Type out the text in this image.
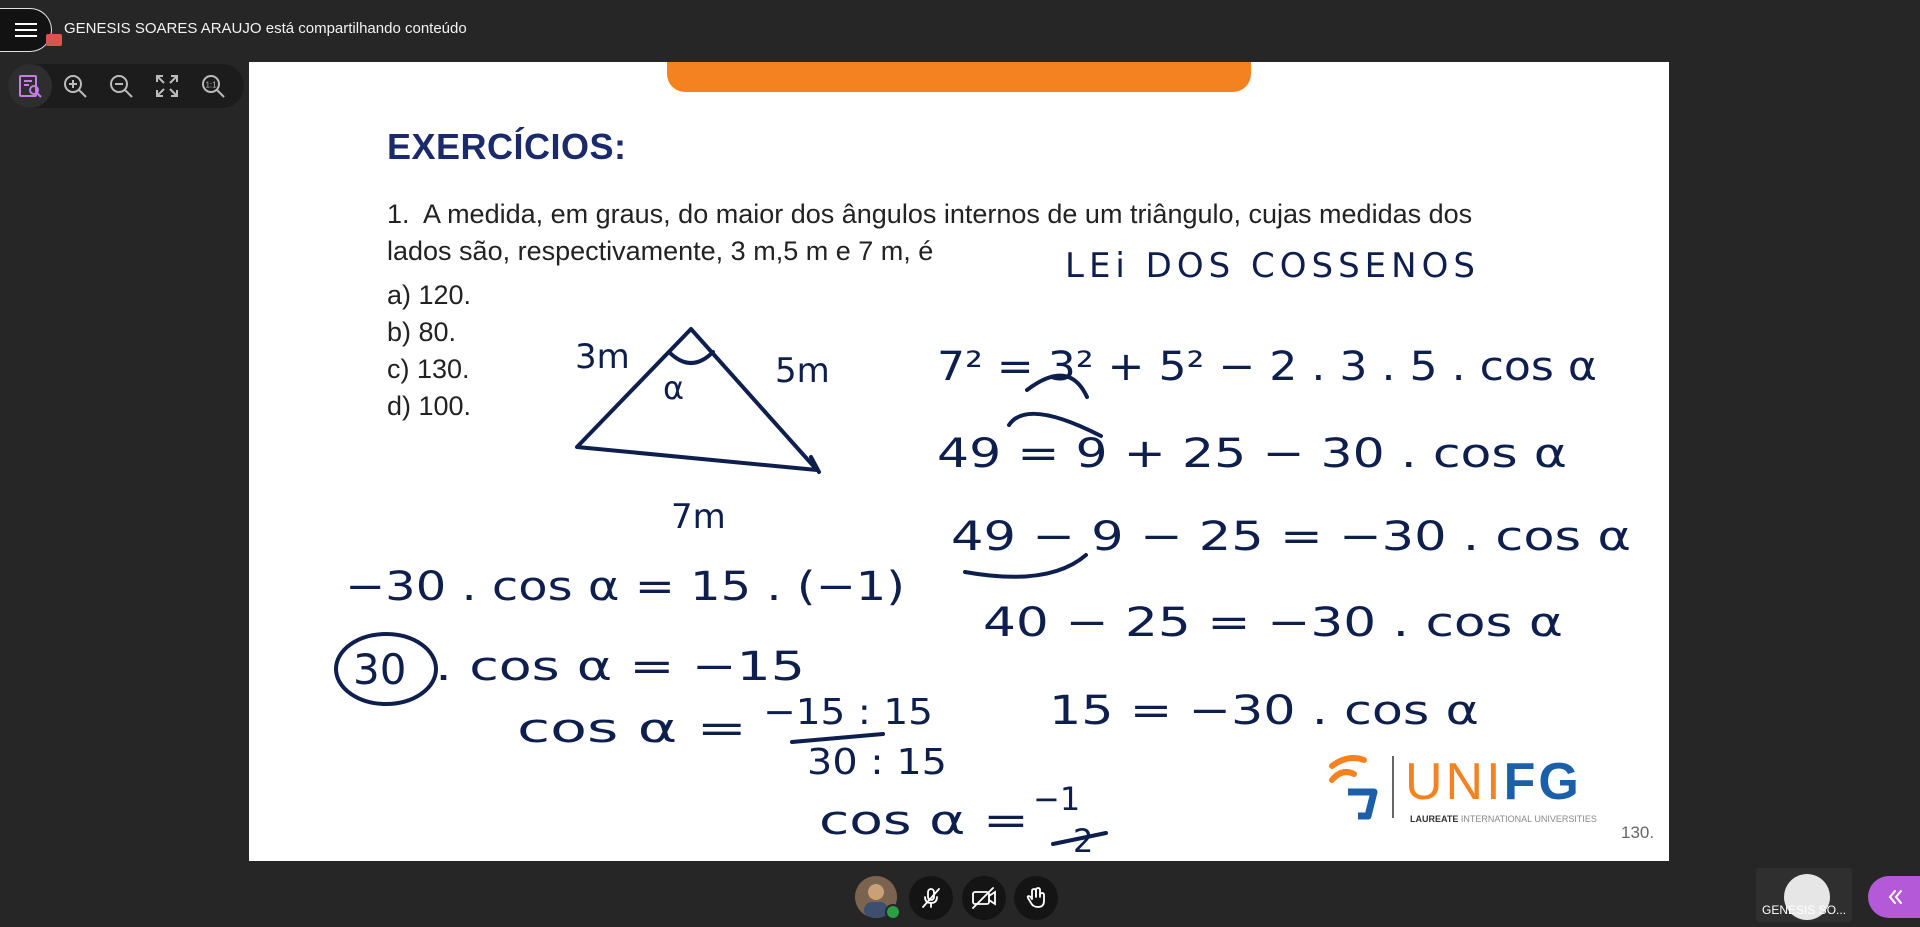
GENESIS SOARES ARAUJO está compartilhando conteúdo
1:1
EXERCÍCIOS:
1. A medida, em graus, do maior dos ângulos internos de um triângulo, cujas medidas dos
lados são, respectivamente, 3 m,5 m e 7 m, é
a) 120.
b) 80.
c) 130.
d) 100.
LEi DOS COSSENOS
3m	5m
7m
α	7² = 3² + 5² − 2 . 3 . 5 . cos α
49 = 9 + 25 − 30 . cos α
49 − 9 − 25 = −30 . cos α
40 − 25 = −30 . cos α
15 = −30 . cos α
−30 . cos α = 15 . (−1)
30 . cos α = −15
cos α = −15 : 15
30 : 15
cos α = −1
2
UNIFG
LAUREATE INTERNATIONAL UNIVERSITIES
130.
GENESIS SO...
